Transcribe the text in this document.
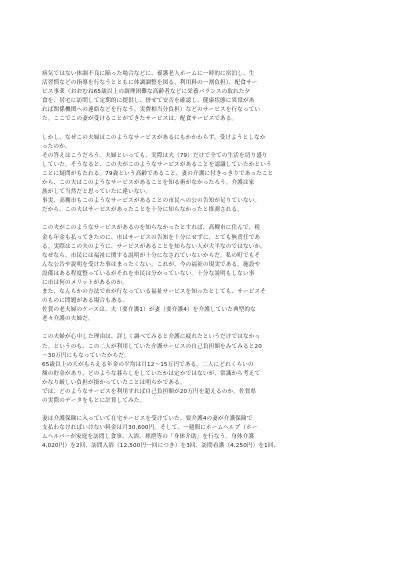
病気ではない体調不良に陥った場合などに、養護老人ホームに一時的に宿泊し、生
活習慣などの指導を行なうとともに体調調整を図る。利用料の一割負担）、配食サー
ビス事業（おおむね65歳以上の調理困難な高齢者などに栄養バランスの取れた夕
食を、居宅に訪問して定期的に提供し、併せて安否を確認し、健康状態に異常があ
れば関係機関への連絡などを行なう。実費相当分負担）などのサービスを行なってい
た。ここでこの妻が受けることができたサービスは、配食サービスである。

しかし、なぜこの夫婦はこのようなサービスがあるにもかかわらず、受けようとしなか
ったのか。
その答えはこうだろう。夫婦といっても、実際は夫（79）だけで全ての生活を切り盛り
していた。そうなると、この夫がこのようなサービスがあることを認識していたかという
ことに疑問がもたれる。79歳という高齢であること、妻の介護に付きっきりであったこと
から、この夫はこのようなサービスがあることを知る術がなかったろう。介護は家
族がして当然だと思っていたに違いない。
事実、高槻市もこのようなサービスがあることの市民への公の告知が足りていない。
だから、この夫はサービスがあったことを十分に知らなかったと推測される。

この夫がこのようなサービスがあるのを知らなかったとすれば、高槻市に住んで、税
金も年金も払ってきたのに、市はサービスの告知を十分にせずに、とても無責任であ
る。実際はこの夫のように、サービスがあることを知らない人が大半なのではないか。
なぜなら、市民には福祉に関する説明が十分になされていないからだ。私の町でもそ
んな公告や説明を受けた事はまったくない。これが、今の福祉の現実である。施設や
設備はある程度整っているがそれを市民は分かっていない。十分な説明もしない事
に市は何のメリットがあるのか。
また、なんらかの方法で市が行なっている福祉サービスを知ったとしても、サービスそ
のものに問題がある場合もある。
佐賀の老夫婦のケースは、夫（要介護1）が妻（要介護4）を介護していた典型的な
老々介護の夫婦だ。

この夫婦が心中した理由は、詳しく調べてみると介護に疲れたというだけではなかっ
た。というのも、この二人が利用していた介護サービスの自己負担額をみてみると20
〜30万円にもなっていたからだ。
65歳以上の人がもらえる年金の平均は月12〜15万円である。二人にどれくらいの
額の貯金があり、どのような暮らしをしていたかは定かではないが、常識から考えて
かなり厳しい負担が掛かっていたことは明らかである。
では、どのようなサービスを利用すれば自己負担額が20万円を超えるのか。佐賀県
の実際のデータをもとに計算してみた。

妻は介護保険に入っていて在宅サービスを受けていた。要介護4の妻が介護保険で
支払わなければいけない料金は月30,600円。そして、一週間にホームヘルプ（ホー
ムヘルパーが家庭を訪問し食事、入浴、排泄等の「身体介助」を行なう。身体介護
4,020円）を2回、訪問入浴（12,500円一回につき）を3回、訪問看護（4,250円）を1回、
